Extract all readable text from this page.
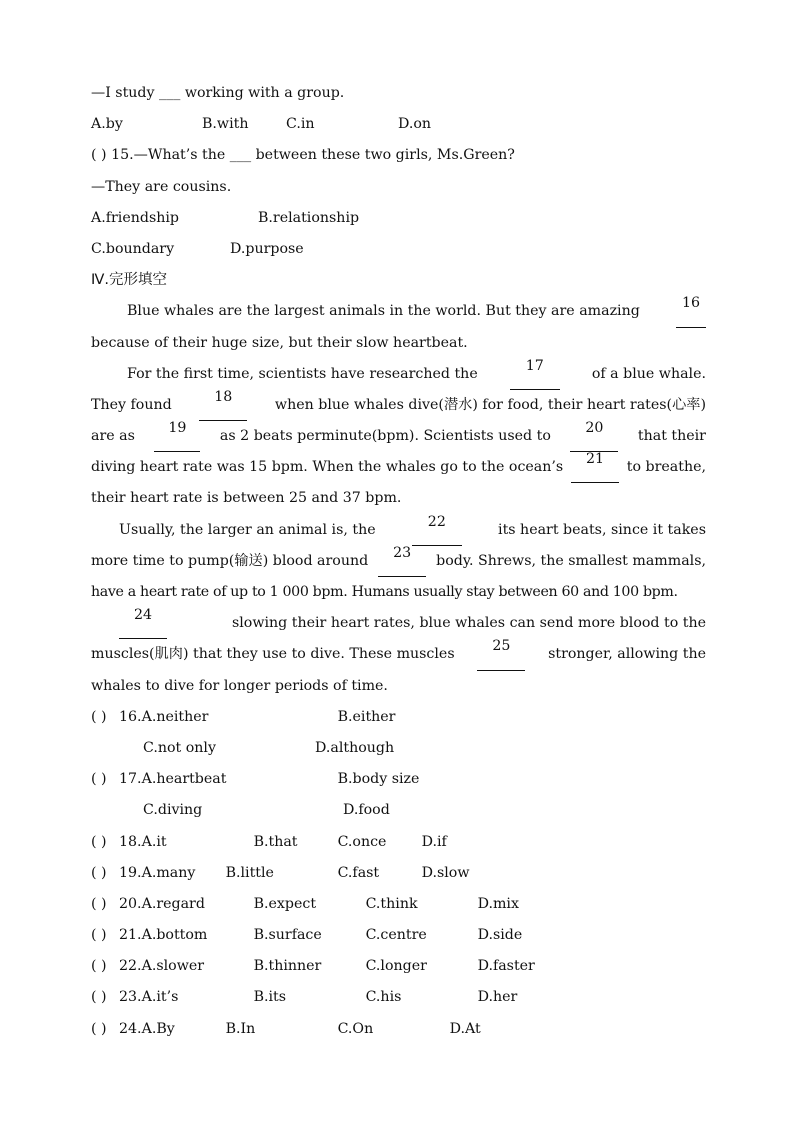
—I study ___ working with a group.
A.by	B.with	C.in	D.on
( ) 15.—What’s the ___ between these two girls, Ms.Green?
—They are cousins.
A.friendship	B.relationship
C.boundary	D.purpose
Ⅳ.完形填空
Blue whales are the largest animals in the world. But they are amazing	16
because of their huge size, but their slow heartbeat.
For the first time, scientists have researched the	17	of a blue whale.
They found	18	when blue whales dive(潜水) for food, their heart rates(心率)
are as	19	as 2 beats perminute(bpm). Scientists used to	20	that their
diving heart rate was 15 bpm. When the whales go to the ocean’s	21	to breathe,
their heart rate is between 25 and 37 bpm.
Usually, the larger an animal is, the	22	its heart beats, since it takes
more time to pump(输送) blood around	23	body. Shrews, the smallest mammals,
have a heart rate of up to 1 000 bpm. Humans usually stay between 60 and 100 bpm.
24	slowing their heart rates, blue whales can send more blood to the
muscles(肌肉) that they use to dive. These muscles	25	stronger, allowing the
whales to dive for longer periods of time.
( ) 16.A.neither	B.either
C.not only	D.although
( ) 17.A.heartbeat	B.body size
C.diving	D.food
( ) 18.A.it	B.that	C.once D.if
( ) 19.A.many B.little	C.fast	D.slow
( ) 20.A.regard	B.expect	C.think	D.mix
( ) 21.A.bottom	B.surface	C.centre	D.side
( ) 22.A.slower	B.thinner	C.longer	D.faster
( ) 23.A.it’s	B.its	C.his	D.her
( ) 24.A.By	B.In	C.On	D.At
